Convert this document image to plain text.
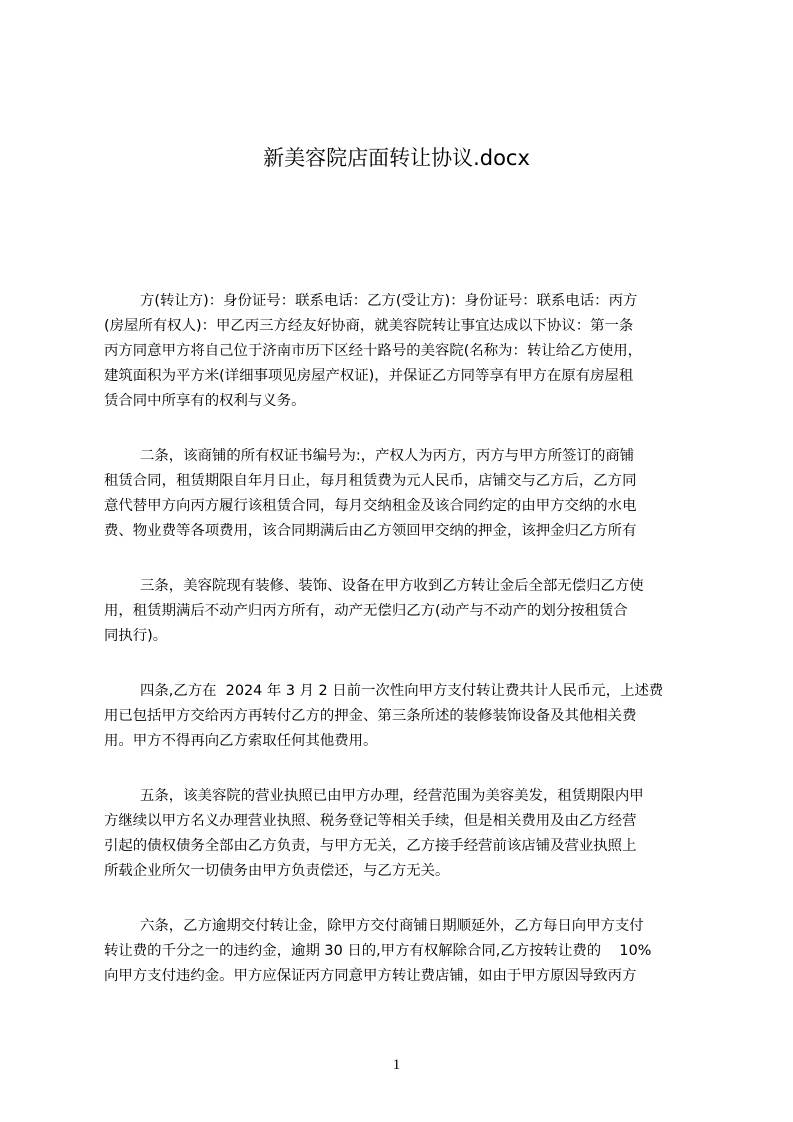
新美容院店面转让协议.docx
方(转让方)：身份证号：联系电话：乙方(受让方)：身份证号：联系电话：丙方
(房屋所有权人)：甲乙丙三方经友好协商，就美容院转让事宜达成以下协议：第一条
丙方同意甲方将自己位于济南市历下区经十路号的美容院(名称为：转让给乙方使用，
建筑面积为平方米(详细事项见房屋产权证)，并保证乙方同等享有甲方在原有房屋租
赁合同中所享有的权利与义务。
二条，该商铺的所有权证书编号为:，产权人为丙方，丙方与甲方所签订的商铺
租赁合同，租赁期限自年月日止，每月租赁费为元人民币，店铺交与乙方后，乙方同
意代替甲方向丙方履行该租赁合同，每月交纳租金及该合同约定的由甲方交纳的水电
费、物业费等各项费用，该合同期满后由乙方领回甲交纳的押金，该押金归乙方所有
三条，美容院现有装修、装饰、设备在甲方收到乙方转让金后全部无偿归乙方使
用，租赁期满后不动产归丙方所有，动产无偿归乙方(动产与不动产的划分按租赁合
同执行)。
四条,乙方在  2024 年 3 月 2 日前一次性向甲方支付转让费共计人民币元，上述费
用已包括甲方交给丙方再转付乙方的押金、第三条所述的装修装饰设备及其他相关费
用。甲方不得再向乙方索取任何其他费用。
五条，该美容院的营业执照已由甲方办理，经营范围为美容美发，租赁期限内甲
方继续以甲方名义办理营业执照、税务登记等相关手续，但是相关费用及由乙方经营
引起的债权债务全部由乙方负责，与甲方无关，乙方接手经营前该店铺及营业执照上
所载企业所欠一切债务由甲方负责偿还，与乙方无关。
六条，乙方逾期交付转让金，除甲方交付商铺日期顺延外，乙方每日向甲方支付
转让费的千分之一的违约金，逾期 30 日的,甲方有权解除合同,乙方按转让费的    10%
向甲方支付违约金。甲方应保证丙方同意甲方转让费店铺，如由于甲方原因导致丙方
1
